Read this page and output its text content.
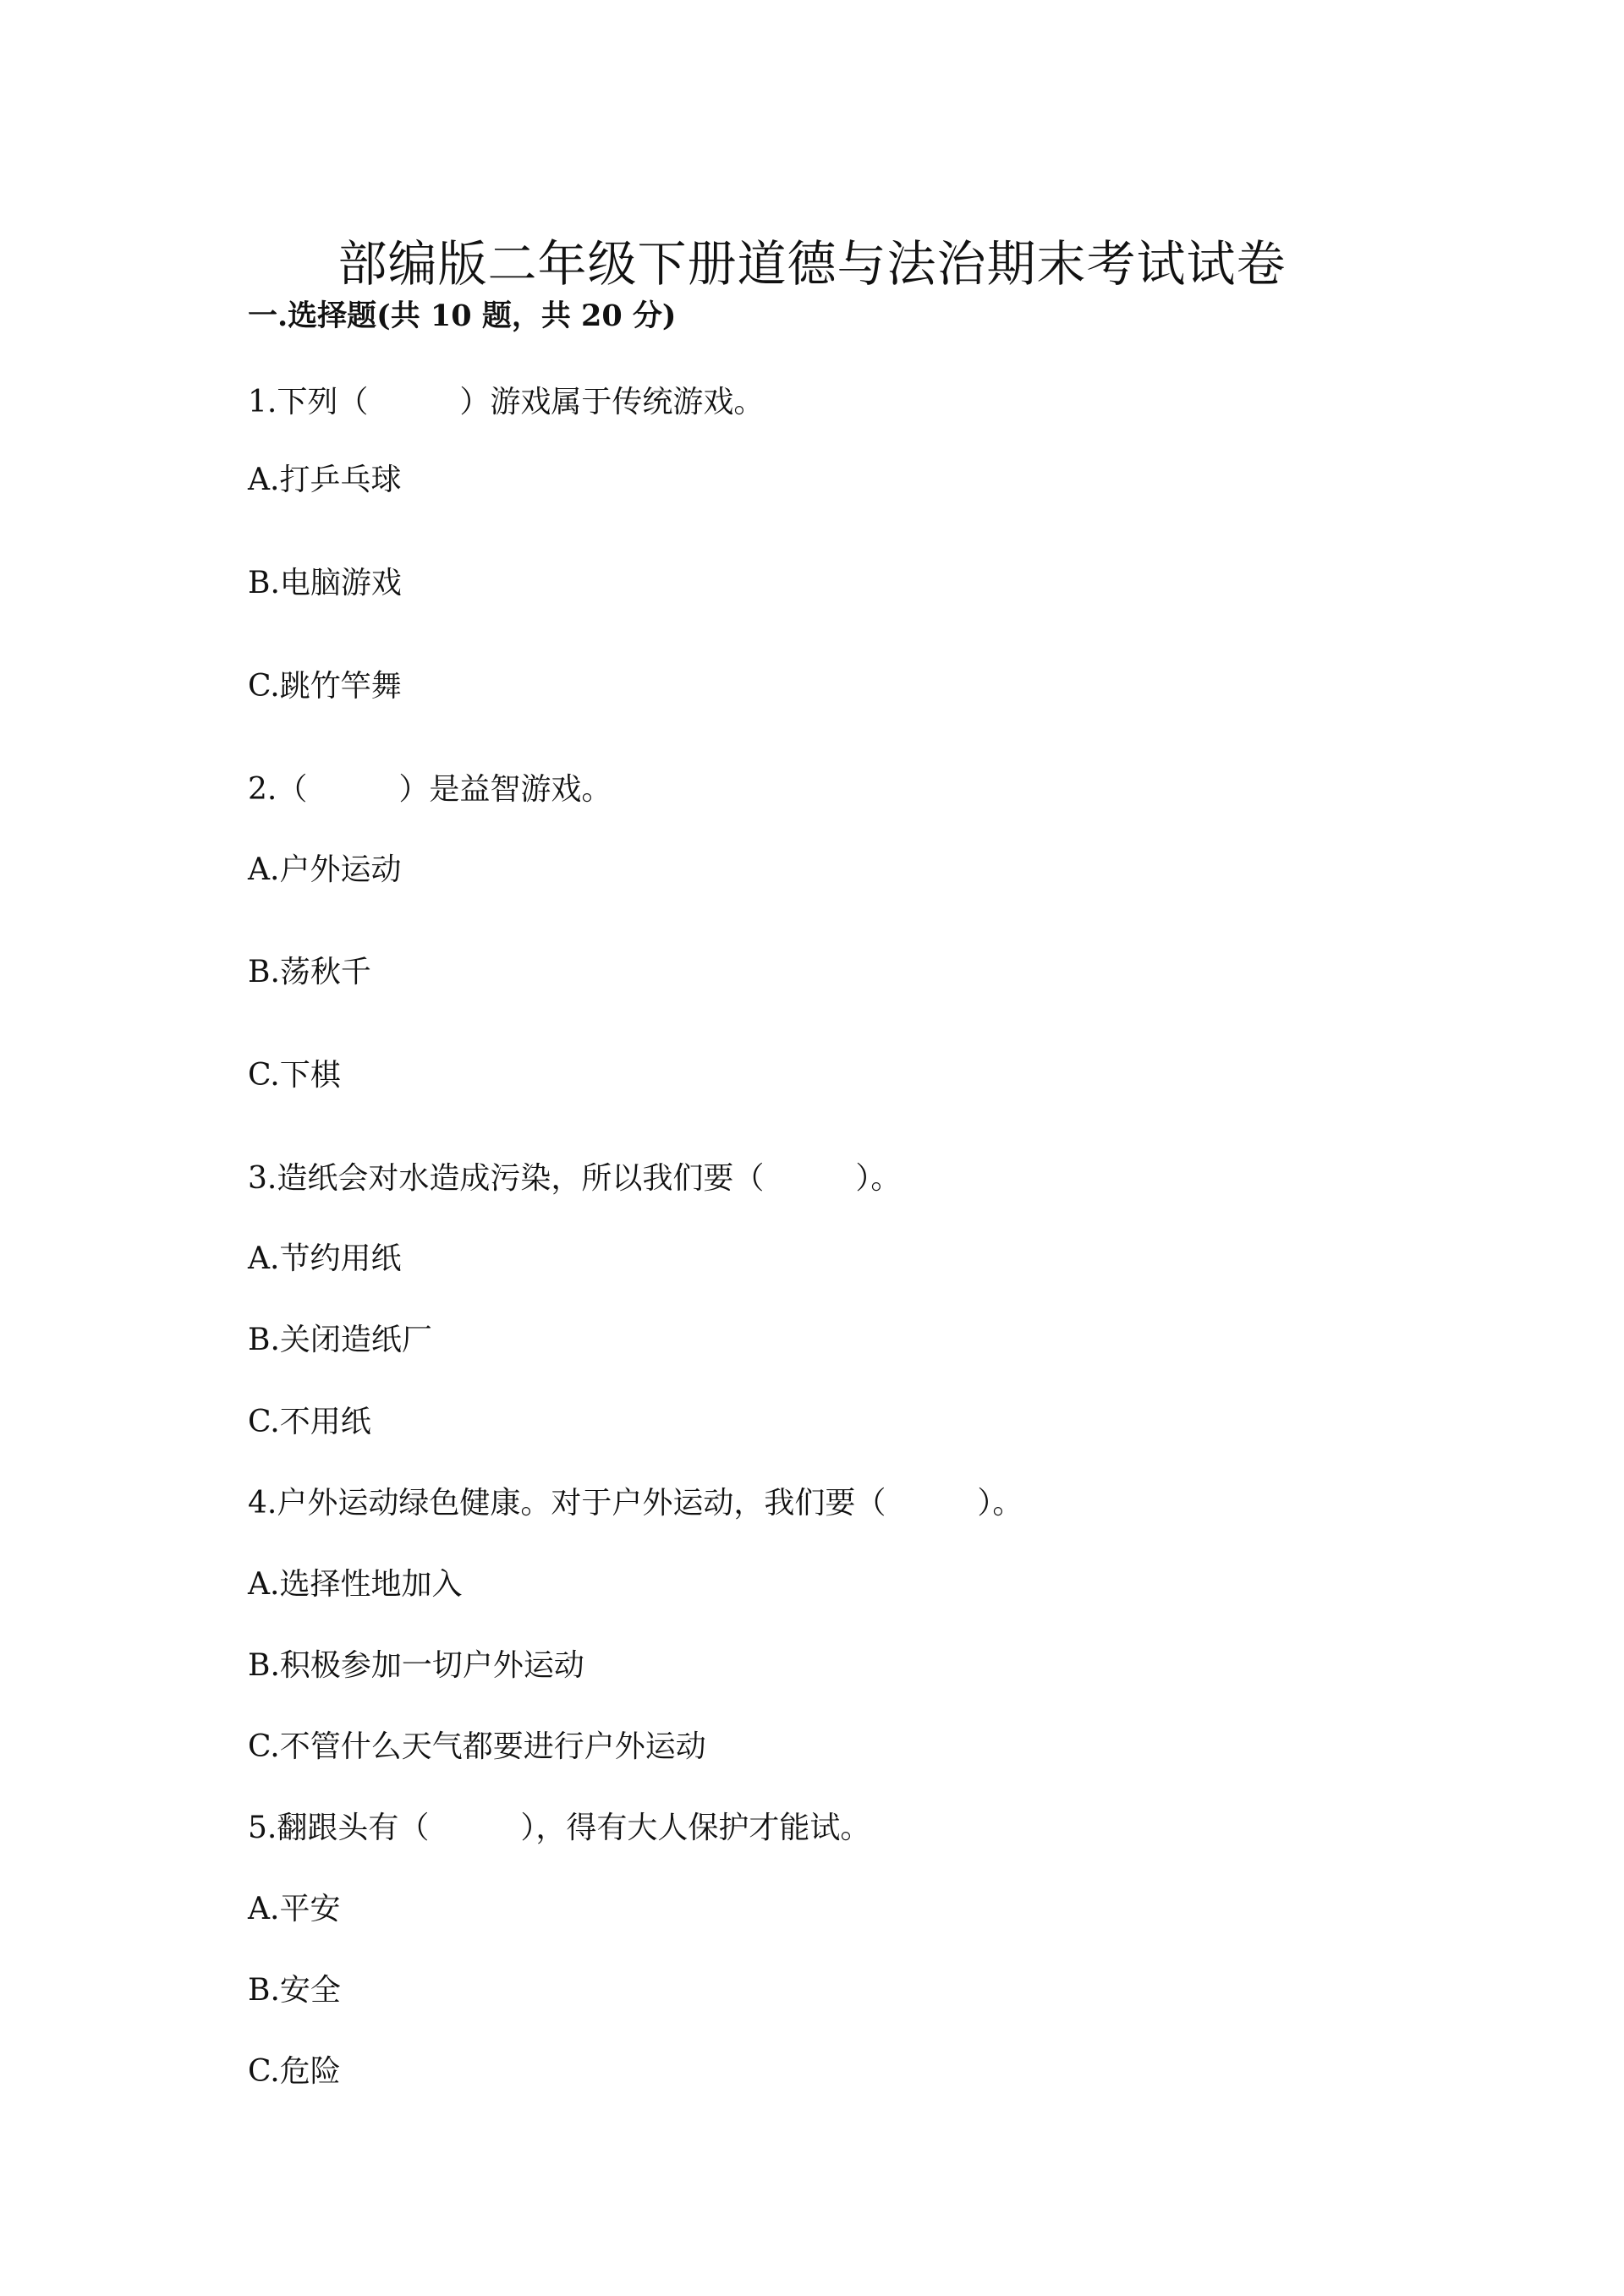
部编版二年级下册道德与法治期末考试试卷
一.选择题(共 10 题，共 20 分)
1.下列（　　　）游戏属于传统游戏。
A.打乒乓球
B.电脑游戏
C.跳竹竿舞
2.（　　　）是益智游戏。
A.户外运动
B.荡秋千
C.下棋
3.造纸会对水造成污染，所以我们要（　　　）。
A.节约用纸
B.关闭造纸厂
C.不用纸
4.户外运动绿色健康。对于户外运动，我们要（　　　）。
A.选择性地加入
B.积极参加一切户外运动
C.不管什么天气都要进行户外运动
5.翻跟头有（　　　），得有大人保护才能试。
A.平安
B.安全
C.危险
